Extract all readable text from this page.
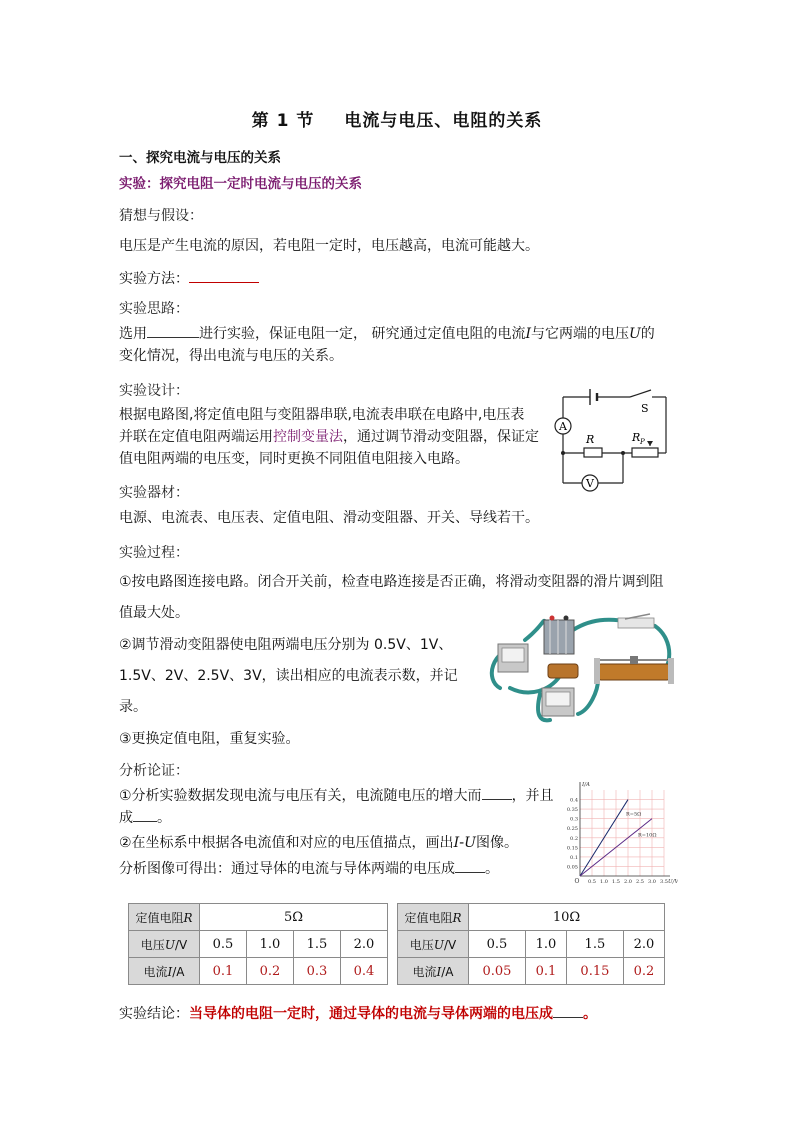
第 1 节 电流与电压、电阻的关系
一、探究电流与电压的关系
实验：探究电阻一定时电流与电压的关系
猜想与假设：
电压是产生电流的原因，若电阻一定时，电压越高，电流可能越大。
实验方法：
实验思路：
选用	进行实验，保证电阻一定， 研究通过定值电阻的电流I与它两端的电压U的
变化情况，得出电流与电压的关系。
实验设计：
根据电路图,将定值电阻与变阻器串联,电流表串联在电路中,电压表
并联在定值电阻两端运用控制变量法，通过调节滑动变阻器，保证定
值电阻两端的电压变，同时更换不同阻值电阻接入电路。
A
V
S
R	R P
实验器材：
电源、电流表、电压表、定值电阻、滑动变阻器、开关、导线若干。
实验过程：
①按电路图连接电路。闭合开关前，检查电路连接是否正确，将滑动变阻器的滑片调到阻
值最大处。
②调节滑动变阻器使电阻两端电压分别为 0.5V、1V、
1.5V、2V、2.5V、3V，读出相应的电流表示数，并记
录。
③更换定值电阻，重复实验。
分析论证：
①分析实验数据发现电流与电压有关，电流随电压的增大而 ，并且
成 。
②在坐标系中根据各电流值和对应的电压值描点，画出I-U图像。
分析图像可得出：通过导体的电流与导体两端的电压成 。
0.5 1.0 1.5 2.0 2.5 3.0 3.5
0.05
0.1
0.15
0.2
0.25
0.3
0.35
0.4
O
I/A
U/V
R=5Ω
R=10Ω
定值电阻R	5Ω			
电压U/V	0.5	1.0	1.5	2.0
电流I/A	0.1	0.2	0.3	0.4
定值电阻R	10Ω			
电压U/V	0.5	1.0	1.5	2.0
电流I/A	0.05	0.1	0.15	0.2
实验结论：当导体的电阻一定时，通过导体的电流与导体两端的电压成 。
